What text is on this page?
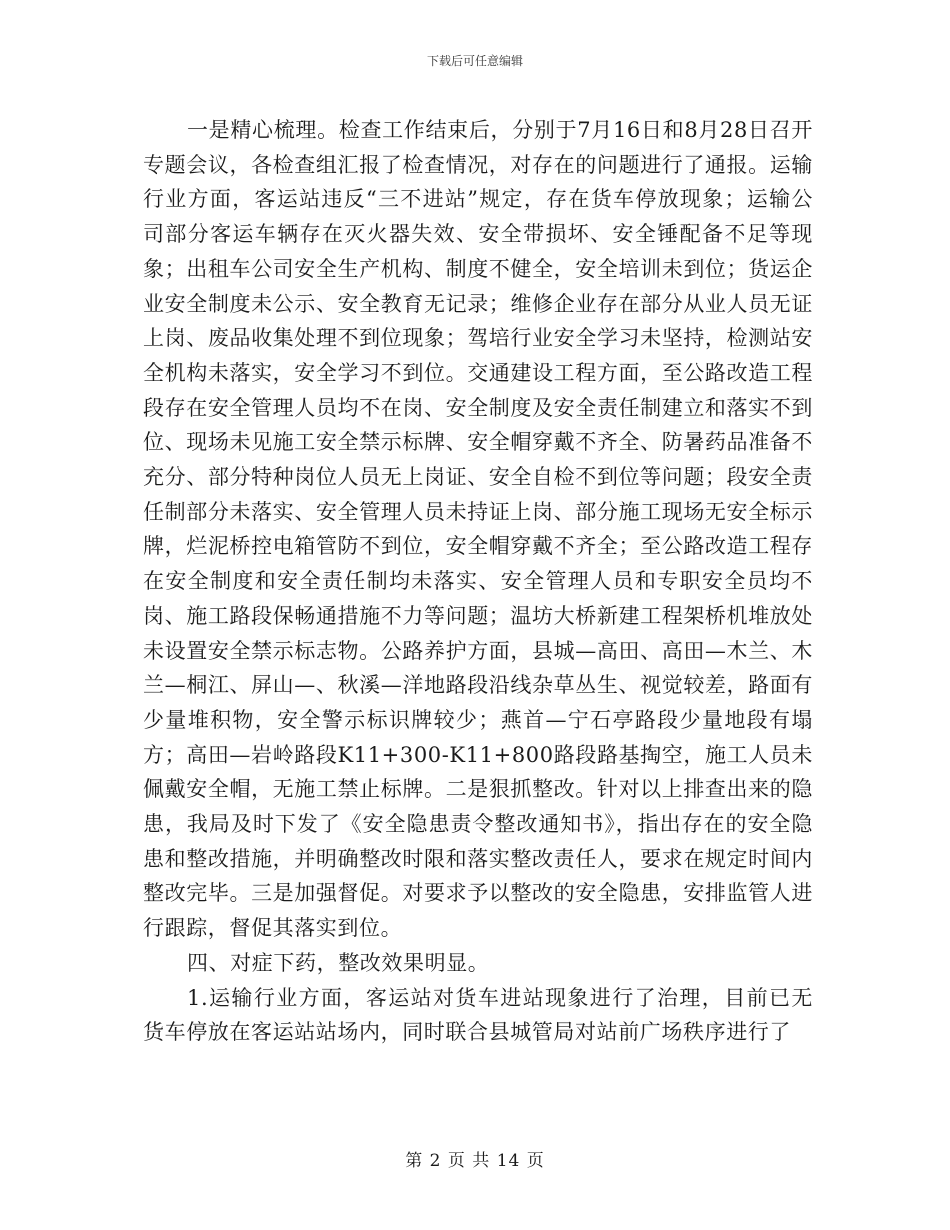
下载后可任意编辑

一是精心梳理。检查工作结束后，分别于7月16日和8月28日召开专题会议，各检查组汇报了检查情况，对存在的问题进行了通报。运输行业方面，客运站违反“三不进站”规定，存在货车停放现象；运输公司部分客运车辆存在灭火器失效、安全带损坏、安全锤配备不足等现象；出租车公司安全生产机构、制度不健全，安全培训未到位；货运企业安全制度未公示、安全教育无记录；维修企业存在部分从业人员无证上岗、废品收集处理不到位现象；驾培行业安全学习未坚持，检测站安全机构未落实，安全学习不到位。交通建设工程方面，至公路改造工程段存在安全管理人员均不在岗、安全制度及安全责任制建立和落实不到位、现场未见施工安全禁示标牌、安全帽穿戴不齐全、防暑药品准备不充分、部分特种岗位人员无上岗证、安全自检不到位等问题；段安全责任制部分未落实、安全管理人员未持证上岗、部分施工现场无安全标示牌，烂泥桥控电箱管防不到位，安全帽穿戴不齐全；至公路改造工程存在安全制度和安全责任制均未落实、安全管理人员和专职安全员均不岗、施工路段保畅通措施不力等问题；温坊大桥新建工程架桥机堆放处未设置安全禁示标志物。公路养护方面，县城—高田、高田—木兰、木兰—桐江、屏山—、秋溪—洋地路段沿线杂草丛生、视觉较差，路面有少量堆积物，安全警示标识牌较少；燕首—宁石亭路段少量地段有塌方；高田—岩岭路段K11+300-K11+800路段路基掏空，施工人员未佩戴安全帽，无施工禁止标牌。二是狠抓整改。针对以上排查出来的隐患，我局及时下发了《安全隐患责令整改通知书》，指出存在的安全隐患和整改措施，并明确整改时限和落实整改责任人，要求在规定时间内整改完毕。三是加强督促。对要求予以整改的安全隐患，安排监管人进行跟踪，督促其落实到位。

四、对症下药，整改效果明显。

1.运输行业方面，客运站对货车进站现象进行了治理，目前已无货车停放在客运站站场内，同时联合县城管局对站前广场秩序进行了

第 2 页 共 14 页
